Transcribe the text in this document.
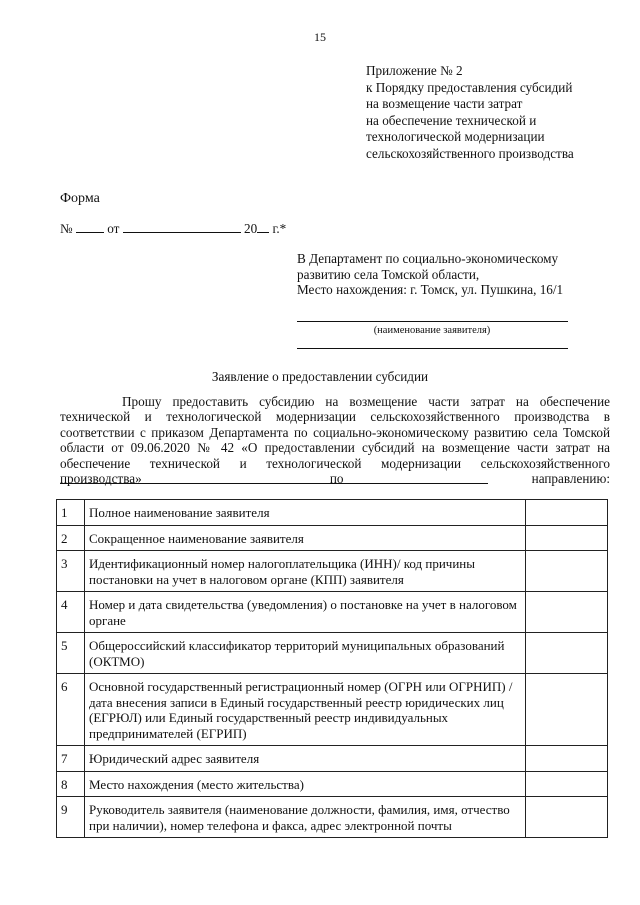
15
Приложение № 2
к Порядку предоставления субсидий
на возмещение части затрат
на обеспечение технической и
технологической модернизации
сельскохозяйственного производства
Форма
№	от	20 г.*
В Департамент по социально-экономическому
развитию села Томской области,
Место нахождения: г. Томск, ул. Пушкина, 16/1
(наименование заявителя)
Заявление о предоставлении субсидии

Прошу предоставить субсидию на возмещение части затрат на обеспечение технической и технологической модернизации сельскохозяйственного производства в соответствии с приказом Департамента по социально-экономическому развитию села Томской области от 09.06.2020 № 42 «О предоставлении субсидий на возмещение части затрат на обеспечение технической и технологической модернизации сельскохозяйственного производства» по направлению:

1	Полное наименование заявителя	
2	Сокращенное наименование заявителя	
3	Идентификационный номер налогоплательщика (ИНН)/ код причины постановки на учет в налоговом органе (КПП) заявителя	
4	Номер и дата свидетельства (уведомления) о постановке на учет в налоговом органе	
5	Общероссийский классификатор территорий муниципальных образований (ОКТМО)	
6	Основной государственный регистрационный номер (ОГРН или ОГРНИП) / дата внесения записи в Единый государственный реестр юридических лиц (ЕГРЮЛ) или Единый государственный реестр индивидуальных предпринимателей (ЕГРИП)	
7	Юридический адрес заявителя	
8	Место нахождения (место жительства)	
9	Руководитель заявителя (наименование должности, фамилия, имя, отчество при наличии), номер телефона и факса, адрес электронной почты	
